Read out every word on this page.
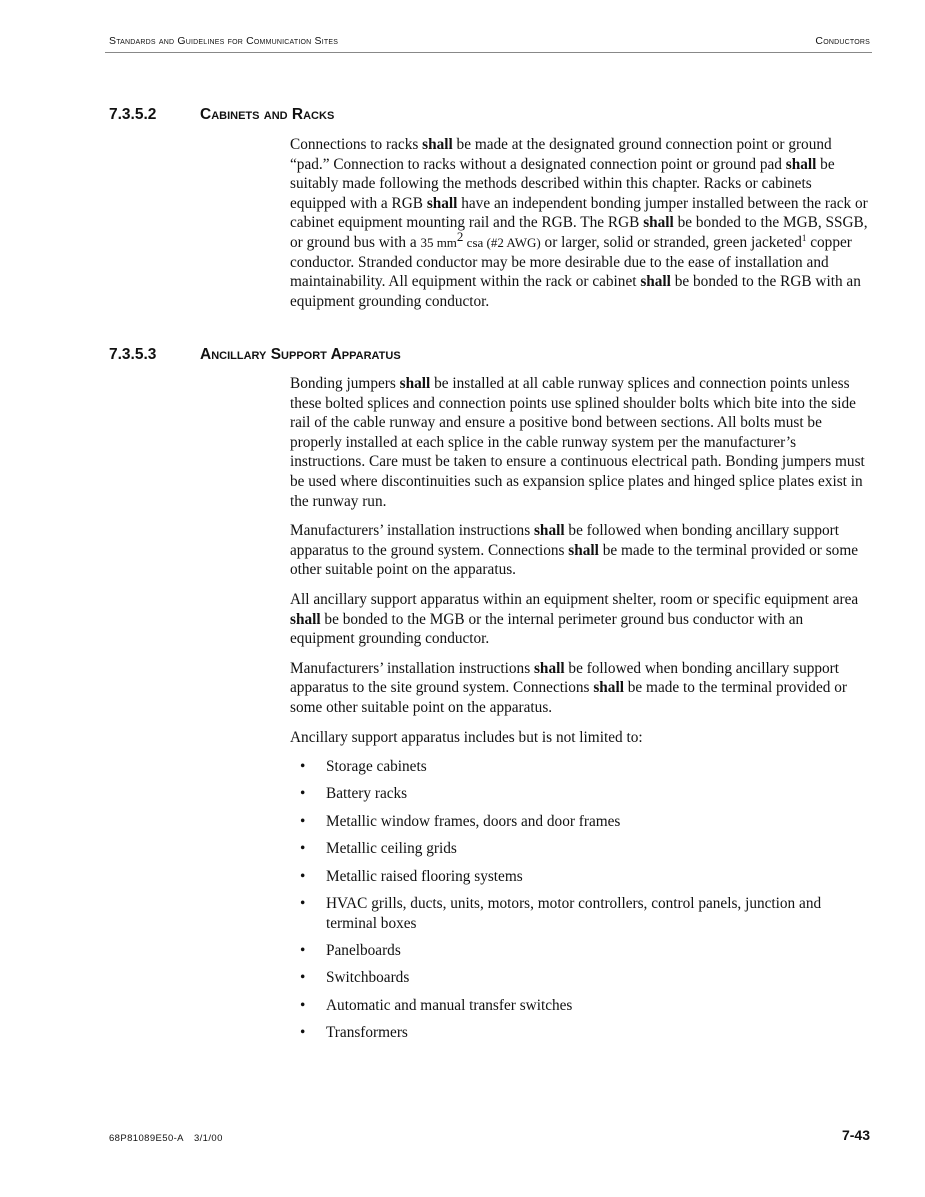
Standards and Guidelines for Communication Sites	Conductors
7.3.5.2	Cabinets and Racks

Connections to racks shall be made at the designated ground connection point or ground “pad.” Connection to racks without a designated connection point or ground pad shall be suitably made following the methods described within this chapter. Racks or cabinets equipped with a RGB shall have an independent bonding jumper installed between the rack or cabinet equipment mounting rail and the RGB. The RGB shall be bonded to the MGB, SSGB, or ground bus with a 35 $mm^2$ csa (#2 AWG) or larger, solid or stranded, green jacketed$^1$ copper conductor. Stranded conductor may be more desirable due to the ease of installation and maintainability. All equipment within the rack or cabinet shall be bonded to the RGB with an equipment grounding conductor.

7.3.5.3	Ancillary Support Apparatus

Bonding jumpers shall be installed at all cable runway splices and connection points unless these bolted splices and connection points use splined shoulder bolts which bite into the side rail of the cable runway and ensure a positive bond between sections. All bolts must be properly installed at each splice in the cable runway system per the manufacturer’s instructions. Care must be taken to ensure a continuous electrical path. Bonding jumpers must be used where discontinuities such as expansion splice plates and hinged splice plates exist in the runway run.

Manufacturers’ installation instructions shall be followed when bonding ancillary support apparatus to the ground system. Connections shall be made to the terminal provided or some other suitable point on the apparatus.

All ancillary support apparatus within an equipment shelter, room or specific equipment area shall be bonded to the MGB or the internal perimeter ground bus conductor with an equipment grounding conductor.

Manufacturers’ installation instructions shall be followed when bonding ancillary support apparatus to the site ground system. Connections shall be made to the terminal provided or some other suitable point on the apparatus.

Ancillary support apparatus includes but is not limited to:

• Storage cabinets
• Battery racks
• Metallic window frames, doors and door frames
• Metallic ceiling grids
• Metallic raised flooring systems
• HVAC grills, ducts, units, motors, motor controllers, control panels, junction and terminal boxes
• Panelboards
• Switchboards
• Automatic and manual transfer switches
• Transformers
68P81089E50-A 3/1/00	7-43
